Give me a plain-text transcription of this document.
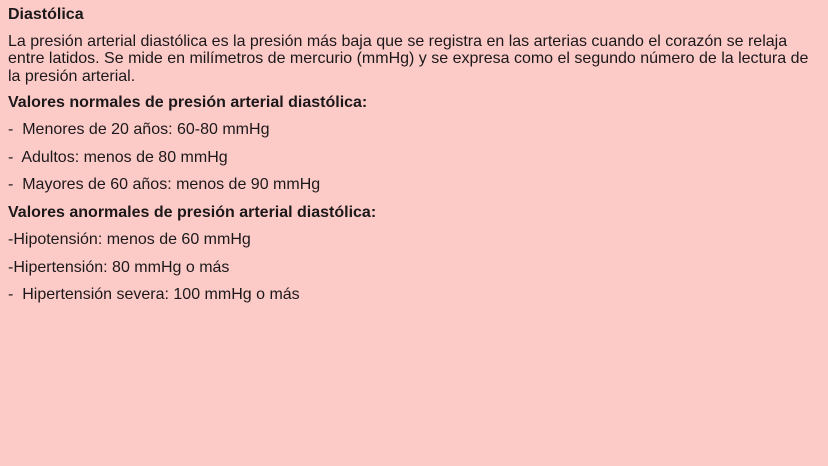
Diastólica

La presión arterial diastólica es la presión más baja que se registra en las arterias cuando el corazón se relaja entre latidos. Se mide en milímetros de mercurio (mmHg) y se expresa como el segundo número de la lectura de la presión arterial.

Valores normales de presión arterial diastólica:
-  Menores de 20 años: 60-80 mmHg
-  Adultos: menos de 80 mmHg
-  Mayores de 60 años: menos de 90 mmHg
Valores anormales de presión arterial diastólica:
-Hipotensión: menos de 60 mmHg
-Hipertensión: 80 mmHg o más
-  Hipertensión severa: 100 mmHg o más
